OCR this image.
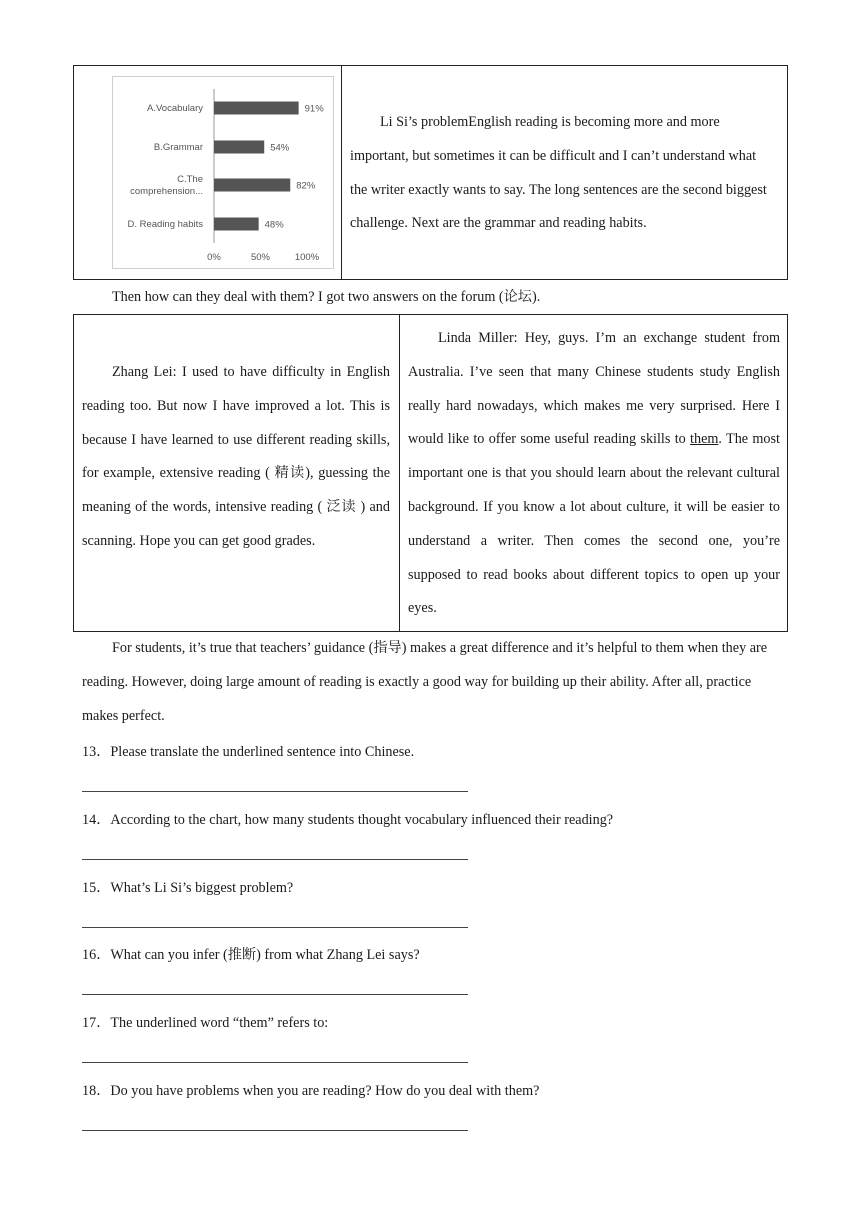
A.Vocabulary	91%
B.Grammar	54%
C.The comprehension...	82%
D. Reading habits	48%
0%	50%	100%

Li Si’s problemEnglish reading is becoming more and more important, but sometimes it can be difficult and I can’t understand what the writer exactly wants to say. The long sentences are the second biggest challenge. Next are the grammar and reading habits.

Then how can they deal with them? I got two answers on the forum (论坛).

Zhang Lei: I used to have difficulty in English reading too. But now I have improved a lot. This is because I have learned to use different reading skills, for example, extensive reading ( 精读), guessing the meaning of the words, intensive reading ( 泛读 ) and scanning. Hope you can get good grades.

Linda Miller: Hey, guys. I’m an exchange student from Australia. I’ve seen that many Chinese students study English really hard nowadays, which makes me very surprised. Here I would like to offer some useful reading skills to them. The most important one is that you should learn about the relevant cultural background. If you know a lot about culture, it will be easier to understand a writer. Then comes the second one, you’re supposed to read books about different topics to open up your eyes.

For students, it’s true that teachers’ guidance (指导) makes a great difference and it’s helpful to them when they are reading. However, doing large amount of reading is exactly a good way for building up their ability. After all, practice makes perfect.

13．Please translate the underlined sentence into Chinese.
14．According to the chart, how many students thought vocabulary influenced their reading?
15．What’s Li Si’s biggest problem?
16．What can you infer (推断) from what Zhang Lei says?
17．The underlined word “them” refers to:
18．Do you have problems when you are reading? How do you deal with them?
